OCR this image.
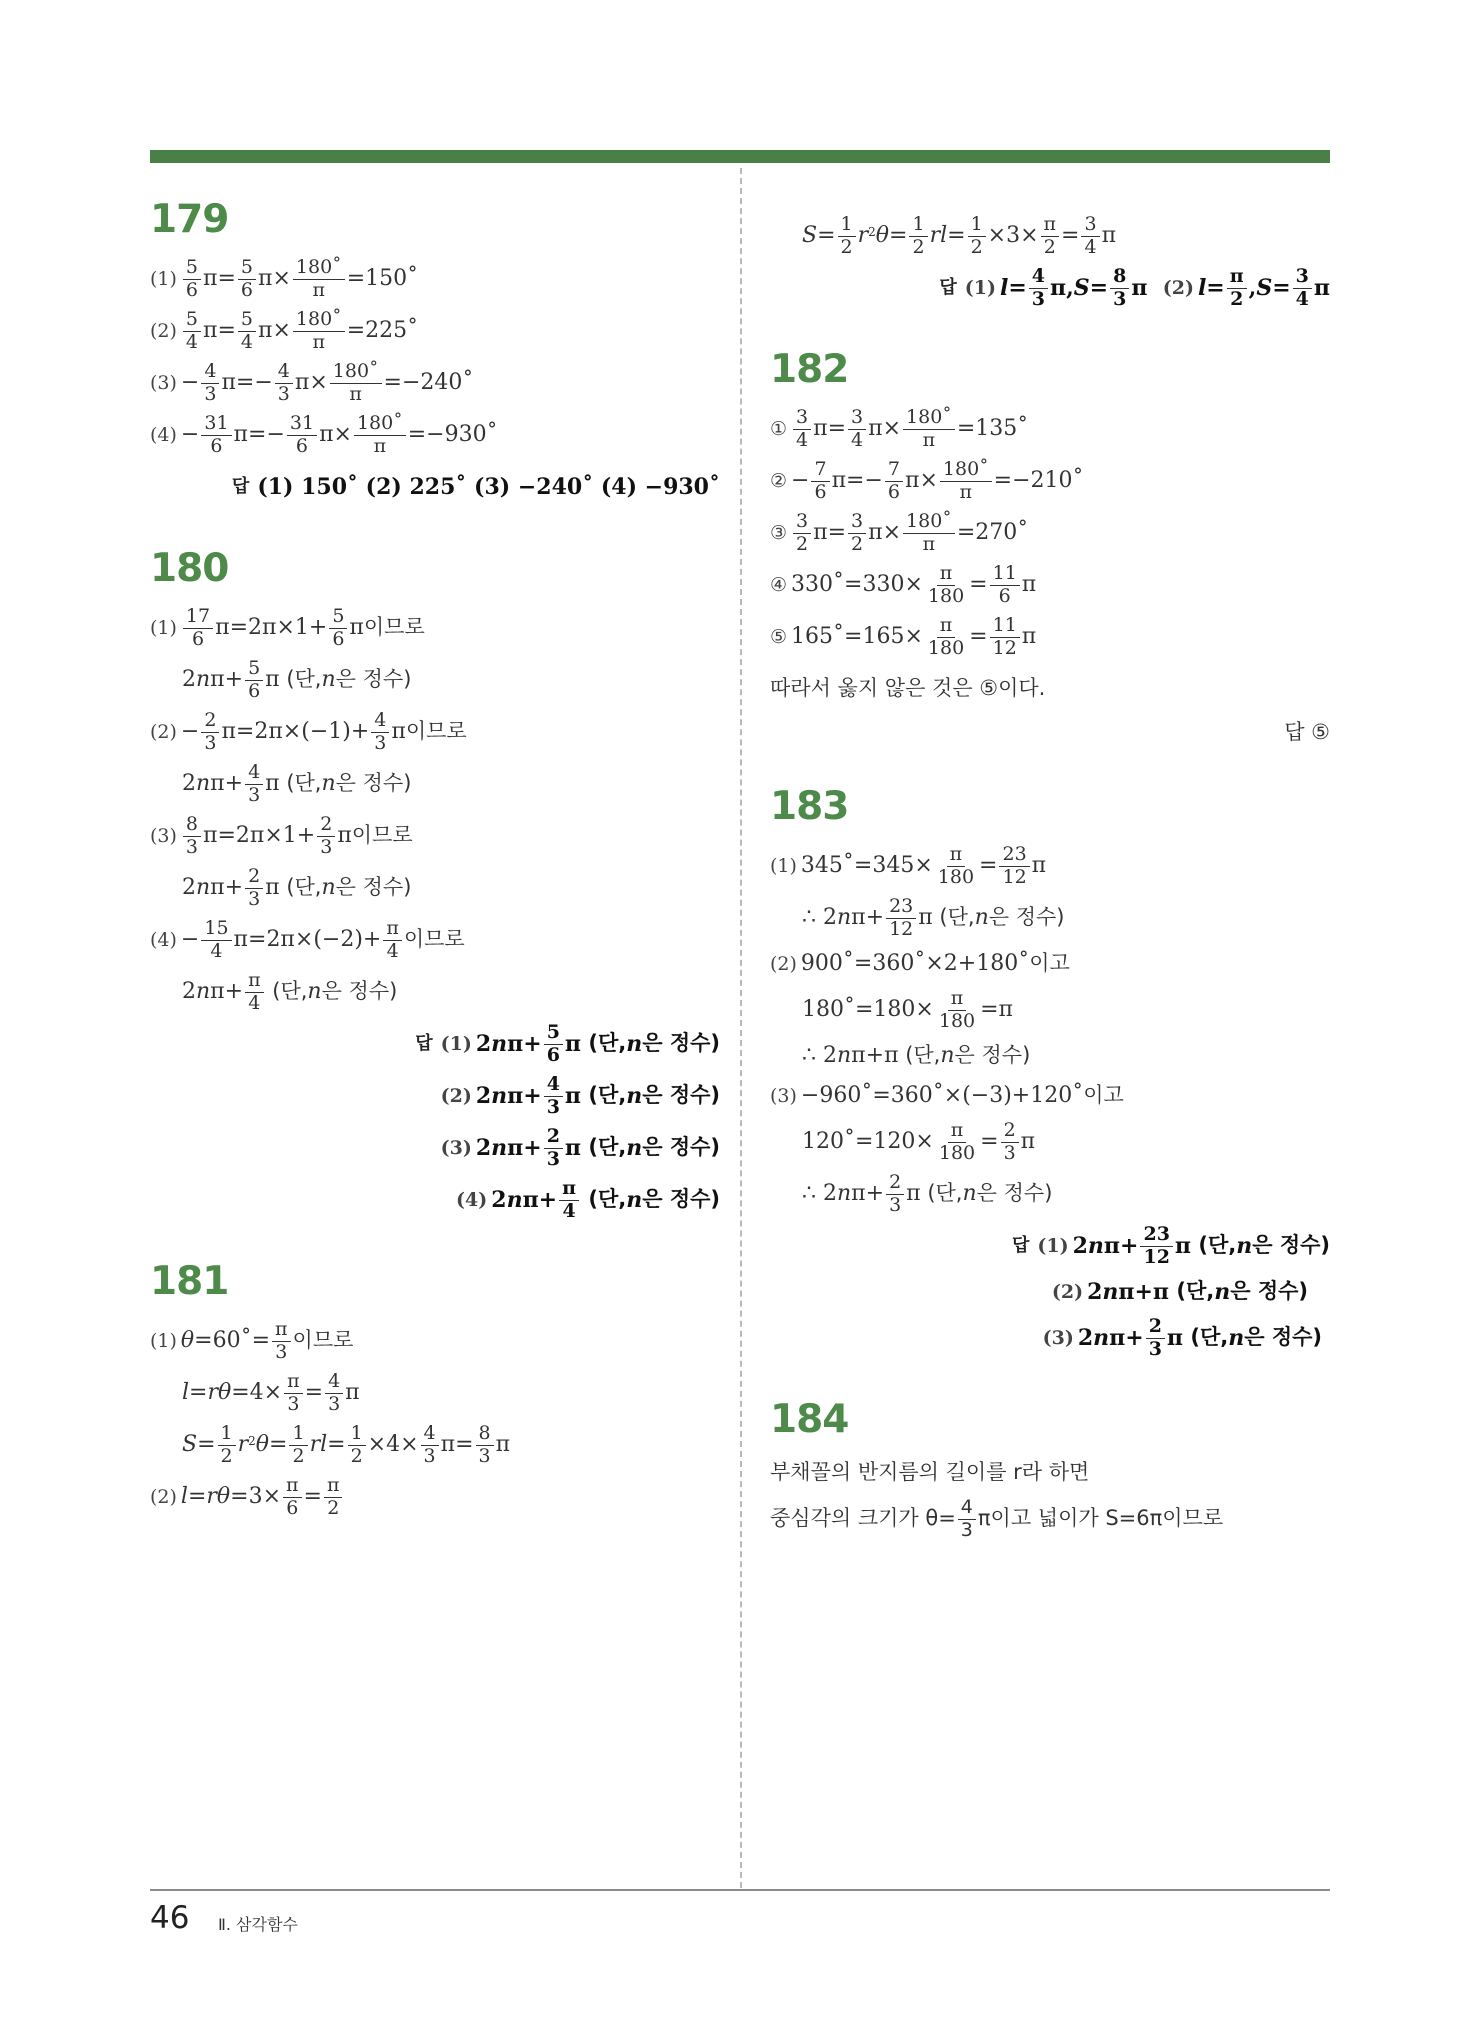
179
(1)
5
6 π= 5
6 π× 180˚
π =150˚
(2)
5
4 π= 5
4 π× 180˚
π =225˚
(3) − 4
3 π=− 4
3 π× 180˚
π =−240˚
(4) − 31
6 π=− 31
6 π× 180˚
π =−930˚
답 (1) 150˚ (2) 225˚ (3) −240˚ (4) −930˚
180
(1)
17
6 π=2π×1+ 5
6 π 이므로
2 n π+ 5
6 π (단, n 은 정수)
(2) − 2
3 π=2π×(−1)+ 4
3 π 이므로
2 n π+ 4
3 π (단, n 은 정수)
(3)
8
3 π=2π×1+ 2
3 π 이므로
2 n π+ 2
3 π (단, n 은 정수)
(4) − 15
4 π=2π×(−2)+ π
4 이므로
2 n π+ π
4 (단, n 은 정수)
답 (1) 2 n π+ 5
6 π (단, n 은 정수)
(2) 2 n π+ 4
3 π (단, n 은 정수)
(3) 2 n π+ 2
3 π (단, n 은 정수)
(4) 2 n π+ π
4 (단, n 은 정수)
181
(1) θ =60˚= π
3 이므로
l = rθ =4× π
3 = 4
3 π
S = 1
2 $r^2$ θ = 1
2 rl = 1
2 ×4× 4
3 π= 8
3 π
(2) l = rθ =3× π
6 = π
2
S = 1
2 $r^2$ θ = 1
2 rl = 1
2 ×3× π
2 = 3
4 π
답 (1) l = 4
3 π, S = 8
3 π (2) l = π
2 , S = 3
4 π
182
①
3
4 π= 3
4 π× 180˚
π =135˚
② − 7
6 π=− 7
6 π× 180˚
π =−210˚
③
3
2 π= 3
2 π× 180˚
π =270˚
④ 330˚=330× π
180 = 11
6 π
⑤ 165˚=165× π
180 = 11
12 π
따라서 옳지 않은 것은 ⑤이다.
답 ⑤
183
(1) 345˚=345× π
180 = 23
12 π
∴ 2 n π+ 23
12 π (단, n 은 정수)
(2) 900˚=360˚×2+180˚ 이고
180˚=180× π
180 =π
∴ 2 n π+π (단, n 은 정수)
(3) −960˚=360˚×(−3)+120˚ 이고
120˚=120× π
180 = 2
3 π
∴ 2 n π+ 2
3 π (단, n 은 정수)
답 (1) 2 n π+ 23
12 π (단, n 은 정수)
(2) 2 n π+π (단, n 은 정수)
(3) 2 n π+ 2
3 π (단, n 은 정수)
184
부채꼴의 반지름의 길이를 r라 하면
중심각의 크기가 $\theta= \frac{4}{3}$ π이고 넓이가 S=6π이므로
46 Ⅱ. 삼각함수
